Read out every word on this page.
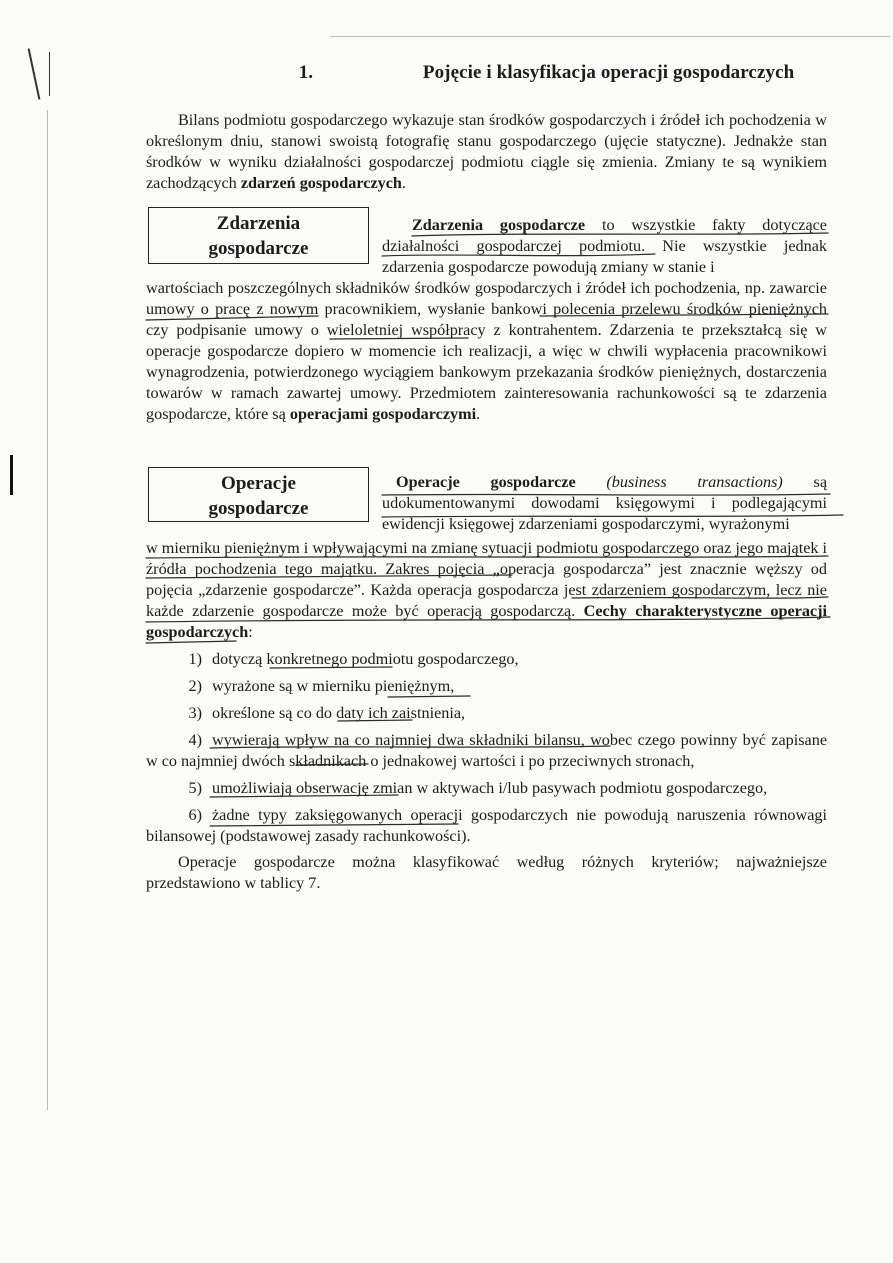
1.	Pojęcie i klasyfikacja operacji gospodarczych

Bilans podmiotu gospodarczego wykazuje stan środków gospodarczych i źródeł ich pochodzenia w określonym dniu, stanowi swoistą fotografię stanu gospodarczego (ujęcie statyczne). Jednakże stan środków w wyniku działalności gospodarczej podmiotu ciągle się zmienia. Zmiany te są wynikiem zachodzących zdarzeń gospodarczych.

Zdarzenia
gospodarcze

Zdarzenia gospodarcze to wszystkie fakty dotyczące działalności gospodarczej podmiotu. Nie wszystkie jednak zdarzenia gospodarcze powodują zmiany w stanie i

wartościach poszczególnych składników środków gospodarczych i źródeł ich pochodzenia, np. zawarcie umowy o pracę z nowym pracownikiem, wysłanie bankowi polecenia przelewu środków pieniężnych czy podpisanie umowy o wieloletniej współpracy z kontrahentem. Zdarzenia te przekształcą się w operacje gospodarcze dopiero w momencie ich realizacji, a więc w chwili wypłacenia pracownikowi wynagrodzenia, potwierdzonego wyciągiem bankowym przekazania środków pieniężnych, dostarczenia towarów w ramach zawartej umowy. Przedmiotem zainteresowania rachunkowości są te zdarzenia gospodarcze, które są operacjami gospodarczymi.

Operacje
gospodarcze

Operacje gospodarcze (business transactions) są udokumentowanymi dowodami księgowymi i podlegającymi ewidencji księgowej zdarzeniami gospodarczymi, wyrażonymi

w mierniku pieniężnym i wpływającymi na zmianę sytuacji podmiotu gospodarczego oraz jego majątek i źródła pochodzenia tego majątku. Zakres pojęcia „operacja gospodarcza” jest znacznie węższy od pojęcia „zdarzenie gospodarcze”. Każda operacja gospodarcza jest zdarzeniem gospodarczym, lecz nie każde zdarzenie gospodarcze może być operacją gospodarczą. Cechy charakterystyczne operacji gospodarczych:

1) dotyczą konkretnego podmiotu gospodarczego,
2) wyrażone są w mierniku pieniężnym,
3) określone są co do daty ich zaistnienia,
4) wywierają wpływ na co najmniej dwa składniki bilansu, wobec czego powinny być zapisane w co najmniej dwóch składnikach o jednakowej wartości i po przeciwnych stronach,
5) umożliwiają obserwację zmian w aktywach i/lub pasywach podmiotu gospodarczego,
6) żadne typy zaksięgowanych operacji gospodarczych nie powodują naruszenia równowagi bilansowej (podstawowej zasady rachunkowości).

Operacje gospodarcze można klasyfikować według różnych kryteriów; najważniejsze przedstawiono w tablicy 7.
